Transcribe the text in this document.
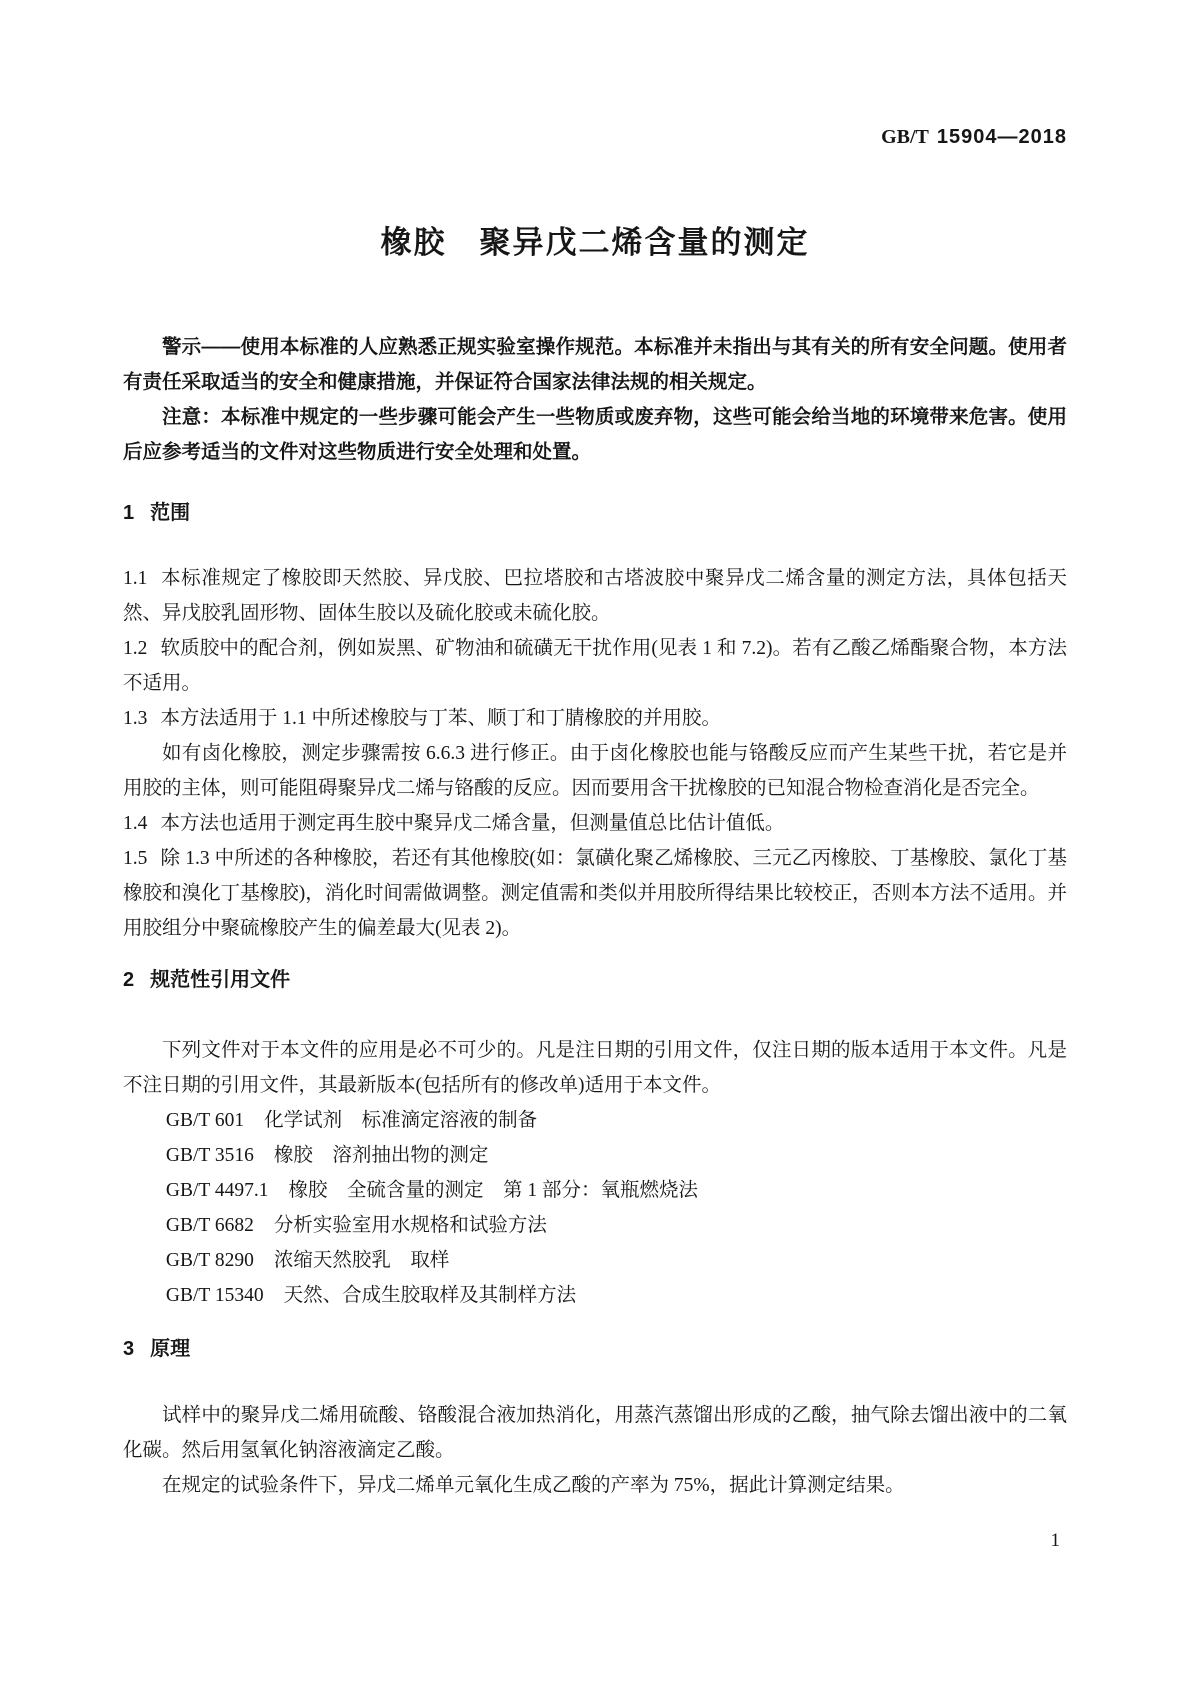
GB/T 15904—2018
橡胶　聚异戊二烯含量的测定

警示——使用本标准的人应熟悉正规实验室操作规范。本标准并未指出与其有关的所有安全问题。使用者有责任采取适当的安全和健康措施，并保证符合国家法律法规的相关规定。

注意：本标准中规定的一些步骤可能会产生一些物质或废弃物，这些可能会给当地的环境带来危害。使用后应参考适当的文件对这些物质进行安全处理和处置。

1 范围

1.1 本标准规定了橡胶即天然胶、异戊胶、巴拉塔胶和古塔波胶中聚异戊二烯含量的测定方法，具体包括天然、异戊胶乳固形物、固体生胶以及硫化胶或未硫化胶。

1.2 软质胶中的配合剂，例如炭黑、矿物油和硫磺无干扰作用(见表 1 和 7.2)。若有乙酸乙烯酯聚合物，本方法不适用。

1.3 本方法适用于 1.1 中所述橡胶与丁苯、顺丁和丁腈橡胶的并用胶。

如有卤化橡胶，测定步骤需按 6.6.3 进行修正。由于卤化橡胶也能与铬酸反应而产生某些干扰，若它是并用胶的主体，则可能阻碍聚异戊二烯与铬酸的反应。因而要用含干扰橡胶的已知混合物检查消化是否完全。

1.4 本方法也适用于测定再生胶中聚异戊二烯含量，但测量值总比估计值低。

1.5 除 1.3 中所述的各种橡胶，若还有其他橡胶(如：氯磺化聚乙烯橡胶、三元乙丙橡胶、丁基橡胶、氯化丁基橡胶和溴化丁基橡胶)，消化时间需做调整。测定值需和类似并用胶所得结果比较校正，否则本方法不适用。并用胶组分中聚硫橡胶产生的偏差最大(见表 2)。

2 规范性引用文件

下列文件对于本文件的应用是必不可少的。凡是注日期的引用文件，仅注日期的版本适用于本文件。凡是不注日期的引用文件，其最新版本(包括所有的修改单)适用于本文件。

GB/T 601 化学试剂　标准滴定溶液的制备

GB/T 3516 橡胶　溶剂抽出物的测定

GB/T 4497.1 橡胶　全硫含量的测定　第 1 部分：氧瓶燃烧法

GB/T 6682 分析实验室用水规格和试验方法

GB/T 8290 浓缩天然胶乳　取样

GB/T 15340 天然、合成生胶取样及其制样方法

3 原理

试样中的聚异戊二烯用硫酸、铬酸混合液加热消化，用蒸汽蒸馏出形成的乙酸，抽气除去馏出液中的二氧化碳。然后用氢氧化钠溶液滴定乙酸。

在规定的试验条件下，异戊二烯单元氧化生成乙酸的产率为 75%，据此计算测定结果。

1
